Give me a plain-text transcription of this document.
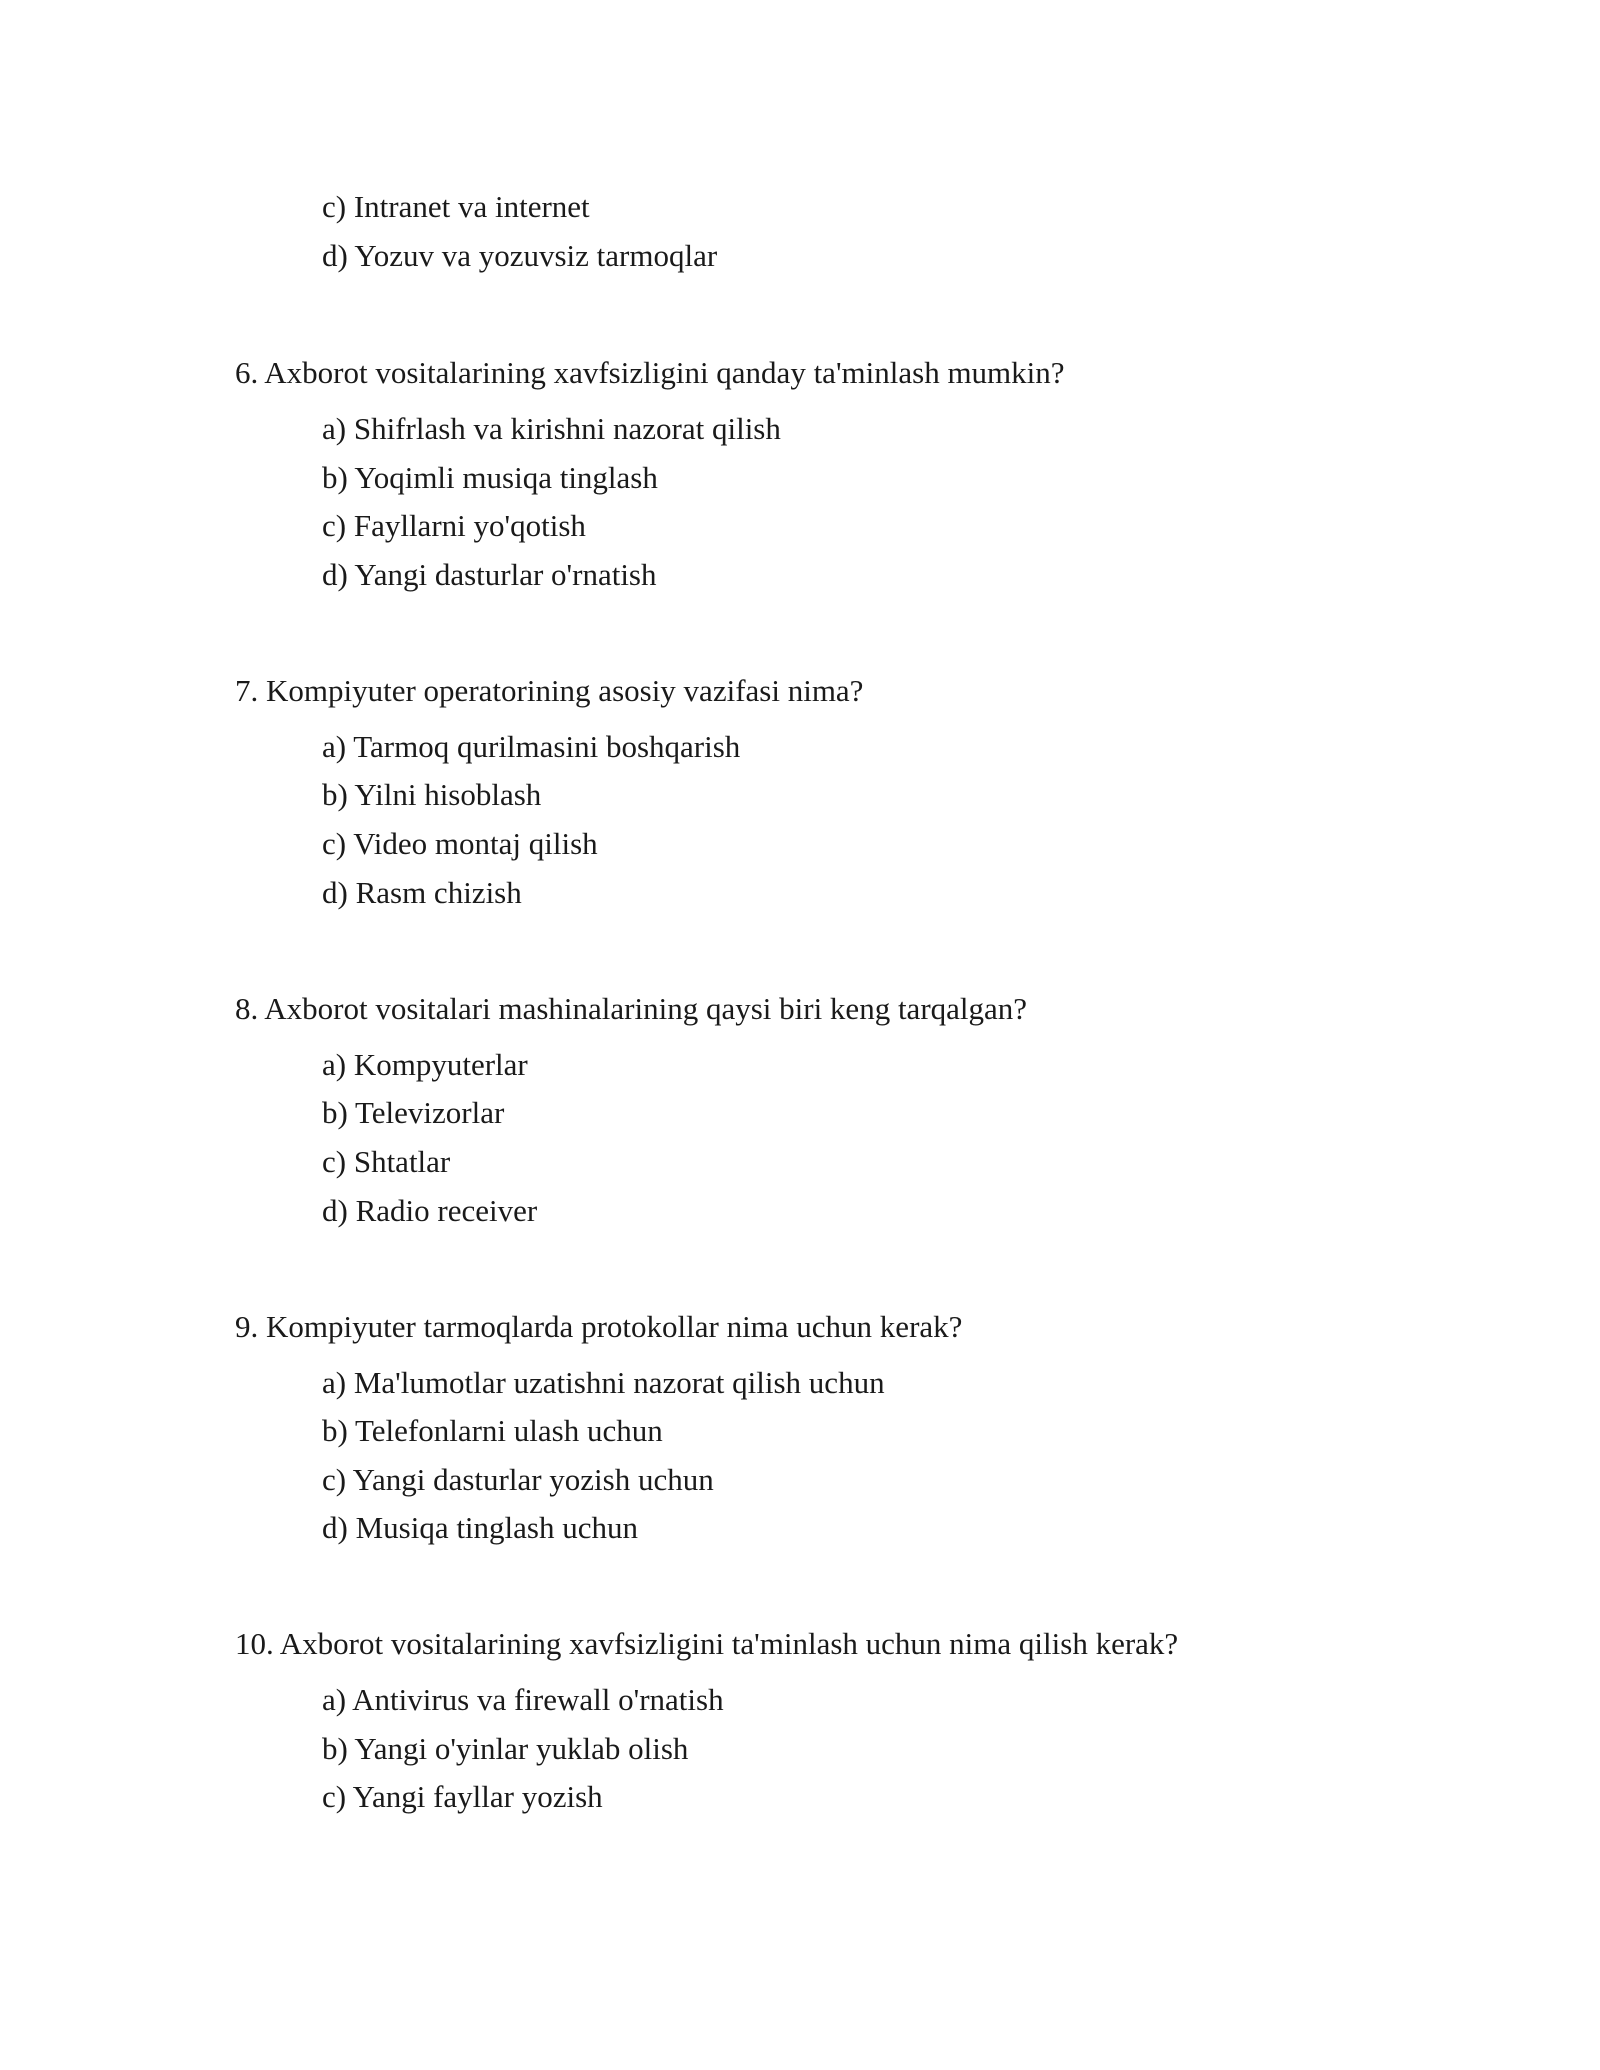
c) Intranet va internet
d) Yozuv va yozuvsiz tarmoqlar
6. Axborot vositalarining xavfsizligini qanday ta'minlash mumkin?
a) Shifrlash va kirishni nazorat qilish
b) Yoqimli musiqa tinglash
c) Fayllarni yo'qotish
d) Yangi dasturlar o'rnatish
7. Kompiyuter operatorining asosiy vazifasi nima?
a) Tarmoq qurilmasini boshqarish
b) Yilni hisoblash
c) Video montaj qilish
d) Rasm chizish
8. Axborot vositalari mashinalarining qaysi biri keng tarqalgan?
a) Kompyuterlar
b) Televizorlar
c) Shtatlar
d) Radio receiver
9. Kompiyuter tarmoqlarda protokollar nima uchun kerak?
a) Ma'lumotlar uzatishni nazorat qilish uchun
b) Telefonlarni ulash uchun
c) Yangi dasturlar yozish uchun
d) Musiqa tinglash uchun
10. Axborot vositalarining xavfsizligini ta'minlash uchun nima qilish kerak?
a) Antivirus va firewall o'rnatish
b) Yangi o'yinlar yuklab olish
c) Yangi fayllar yozish
